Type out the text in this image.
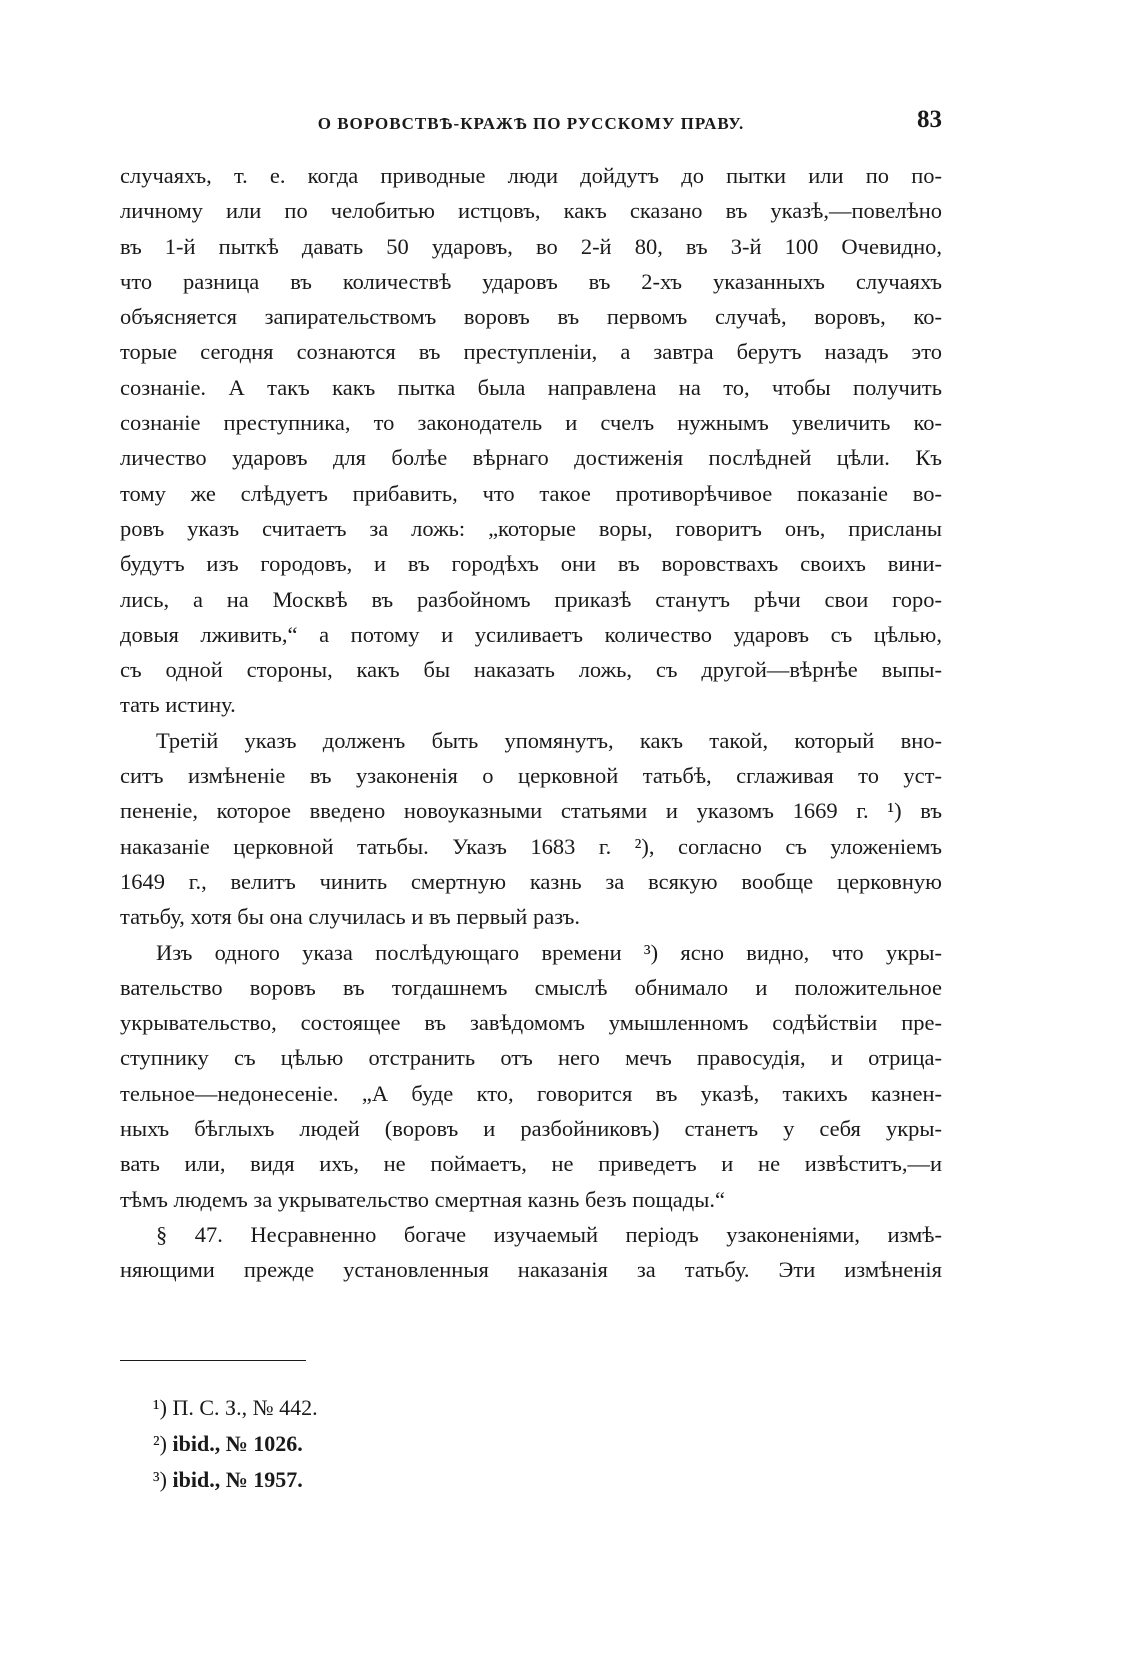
О ВОРОВСТВѢ-КРАЖѢ ПО РУССКОМУ ПРАВУ.	83
случаяхъ, т. е. когда приводные люди дойдутъ до пытки или по по-
личному или по челобитью истцовъ, какъ сказано въ указѣ,—повелѣно
въ 1-й пыткѣ давать 50 ударовъ, во 2-й 80, въ 3-й 100 Очевидно,
что разница въ количествѣ ударовъ въ 2-хъ указанныхъ случаяхъ
объясняется запирательствомъ воровъ въ первомъ случаѣ, воровъ, ко-
торые сегодня сознаются въ преступленіи, а завтра берутъ назадъ это
сознаніе. А такъ какъ пытка была направлена на то, чтобы получить
сознаніе преступника, то законодатель и счелъ нужнымъ увеличить ко-
личество ударовъ для болѣе вѣрнаго достиженія послѣдней цѣли. Къ
тому же слѣдуетъ прибавить, что такое противорѣчивое показаніе во-
ровъ указъ считаетъ за ложь: „которые воры, говоритъ онъ, присланы
будутъ изъ городовъ, и въ городѣхъ они въ воровствахъ своихъ вини-
лись, а на Москвѣ въ разбойномъ приказѣ станутъ рѣчи свои горо-
довыя лживить,“ а потому и усиливаетъ количество ударовъ съ цѣлью,
съ одной стороны, какъ бы наказать ложь, съ другой—вѣрнѣе выпы-
тать истину.
Третій указъ долженъ быть упомянутъ, какъ такой, который вно-
ситъ измѣненіе въ узаконенія о церковной татьбѣ, сглаживая то уст-
пененіе, которое введено новоуказными статьями и указомъ 1669 г. ¹) въ
наказаніе церковной татьбы. Указъ 1683 г. ²), согласно съ уложеніемъ
1649 г., велитъ чинить смертную казнь за всякую вообще церковную
татьбу, хотя бы она случилась и въ первый разъ.
Изъ одного указа послѣдующаго времени ³) ясно видно, что укры-
вательство воровъ въ тогдашнемъ смыслѣ обнимало и положительное
укрывательство, состоящее въ завѣдомомъ умышленномъ содѣйствіи пре-
ступнику съ цѣлью отстранить отъ него мечъ правосудія, и отрица-
тельное—недонесеніе. „А буде кто, говорится въ указѣ, такихъ казнен-
ныхъ бѣглыхъ людей (воровъ и разбойниковъ) станетъ у себя укры-
вать или, видя ихъ, не поймаетъ, не приведетъ и не извѣститъ,—и
тѣмъ людемъ за укрывательство смертная казнь безъ пощады.“
§ 47. Несравненно богаче изучаемый періодъ узаконеніями, измѣ-
няющими прежде установленныя наказанія за татьбу. Эти измѣненія
¹) П. С. З., № 442.
²) ibid., № 1026.
³) ibid., № 1957.
